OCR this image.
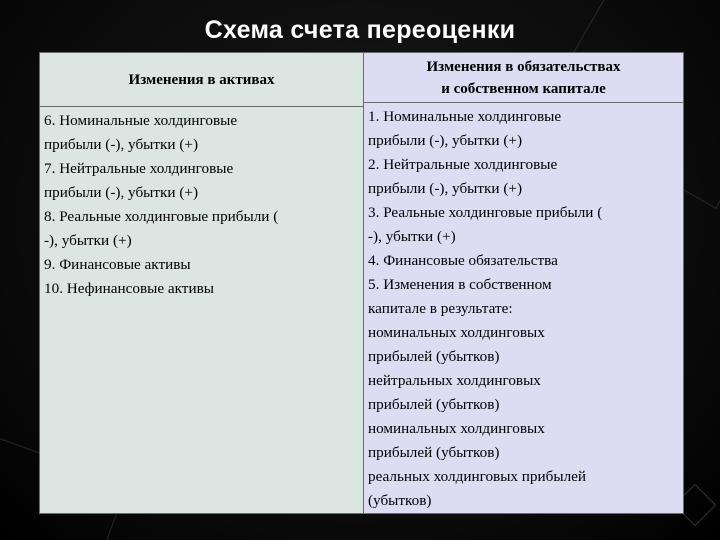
Схема счета переоценки
Изменения в активах
6. Номинальные холдинговые
прибыли (-), убытки (+)
7. Нейтральные холдинговые
прибыли (-), убытки (+)
8. Реальные холдинговые прибыли (
-), убытки (+)
9. Финансовые активы
10. Нефинансовые активы
Изменения в обязательствах
и собственном капитале
1. Номинальные холдинговые
прибыли (-), убытки (+)
2. Нейтральные холдинговые
прибыли (-), убытки (+)
3. Реальные холдинговые прибыли (
-), убытки (+)
4. Финансовые обязательства
5. Изменения в собственном
капитале в результате:
номинальных холдинговых
прибылей (убытков)
нейтральных холдинговых
прибылей (убытков)
номинальных холдинговых
прибылей (убытков)
реальных холдинговых прибылей
(убытков)
